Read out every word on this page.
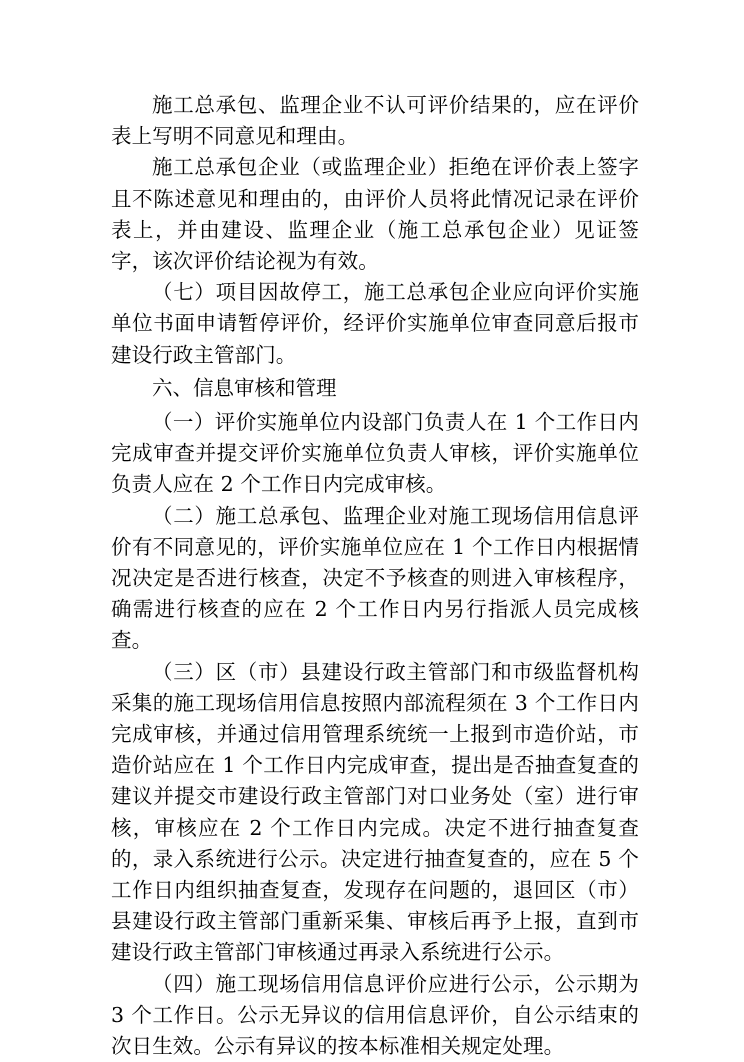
施工总承包、监理企业不认可评价结果的，应在评价表上写明不同意见和理由。

施工总承包企业（或监理企业）拒绝在评价表上签字且不陈述意见和理由的，由评价人员将此情况记录在评价表上，并由建设、监理企业（施工总承包企业）见证签字，该次评价结论视为有效。

（七）项目因故停工，施工总承包企业应向评价实施单位书面申请暂停评价，经评价实施单位审查同意后报市建设行政主管部门。

六、信息审核和管理

（一）评价实施单位内设部门负责人在 1 个工作日内完成审查并提交评价实施单位负责人审核，评价实施单位负责人应在 2 个工作日内完成审核。

（二）施工总承包、监理企业对施工现场信用信息评价有不同意见的，评价实施单位应在 1 个工作日内根据情况决定是否进行核查，决定不予核查的则进入审核程序，确需进行核查的应在 2 个工作日内另行指派人员完成核查。

（三）区（市）县建设行政主管部门和市级监督机构采集的施工现场信用信息按照内部流程须在 3 个工作日内完成审核，并通过信用管理系统统一上报到市造价站，市造价站应在 1 个工作日内完成审查，提出是否抽查复查的建议并提交市建设行政主管部门对口业务处（室）进行审核，审核应在 2 个工作日内完成。决定不进行抽查复查的，录入系统进行公示。决定进行抽查复查的，应在 5 个工作日内组织抽查复查，发现存在问题的，退回区（市）县建设行政主管部门重新采集、审核后再予上报，直到市建设行政主管部门审核通过再录入系统进行公示。

（四）施工现场信用信息评价应进行公示，公示期为 3 个工作日。公示无异议的信用信息评价，自公示结束的次日生效。公示有异议的按本标准相关规定处理。
